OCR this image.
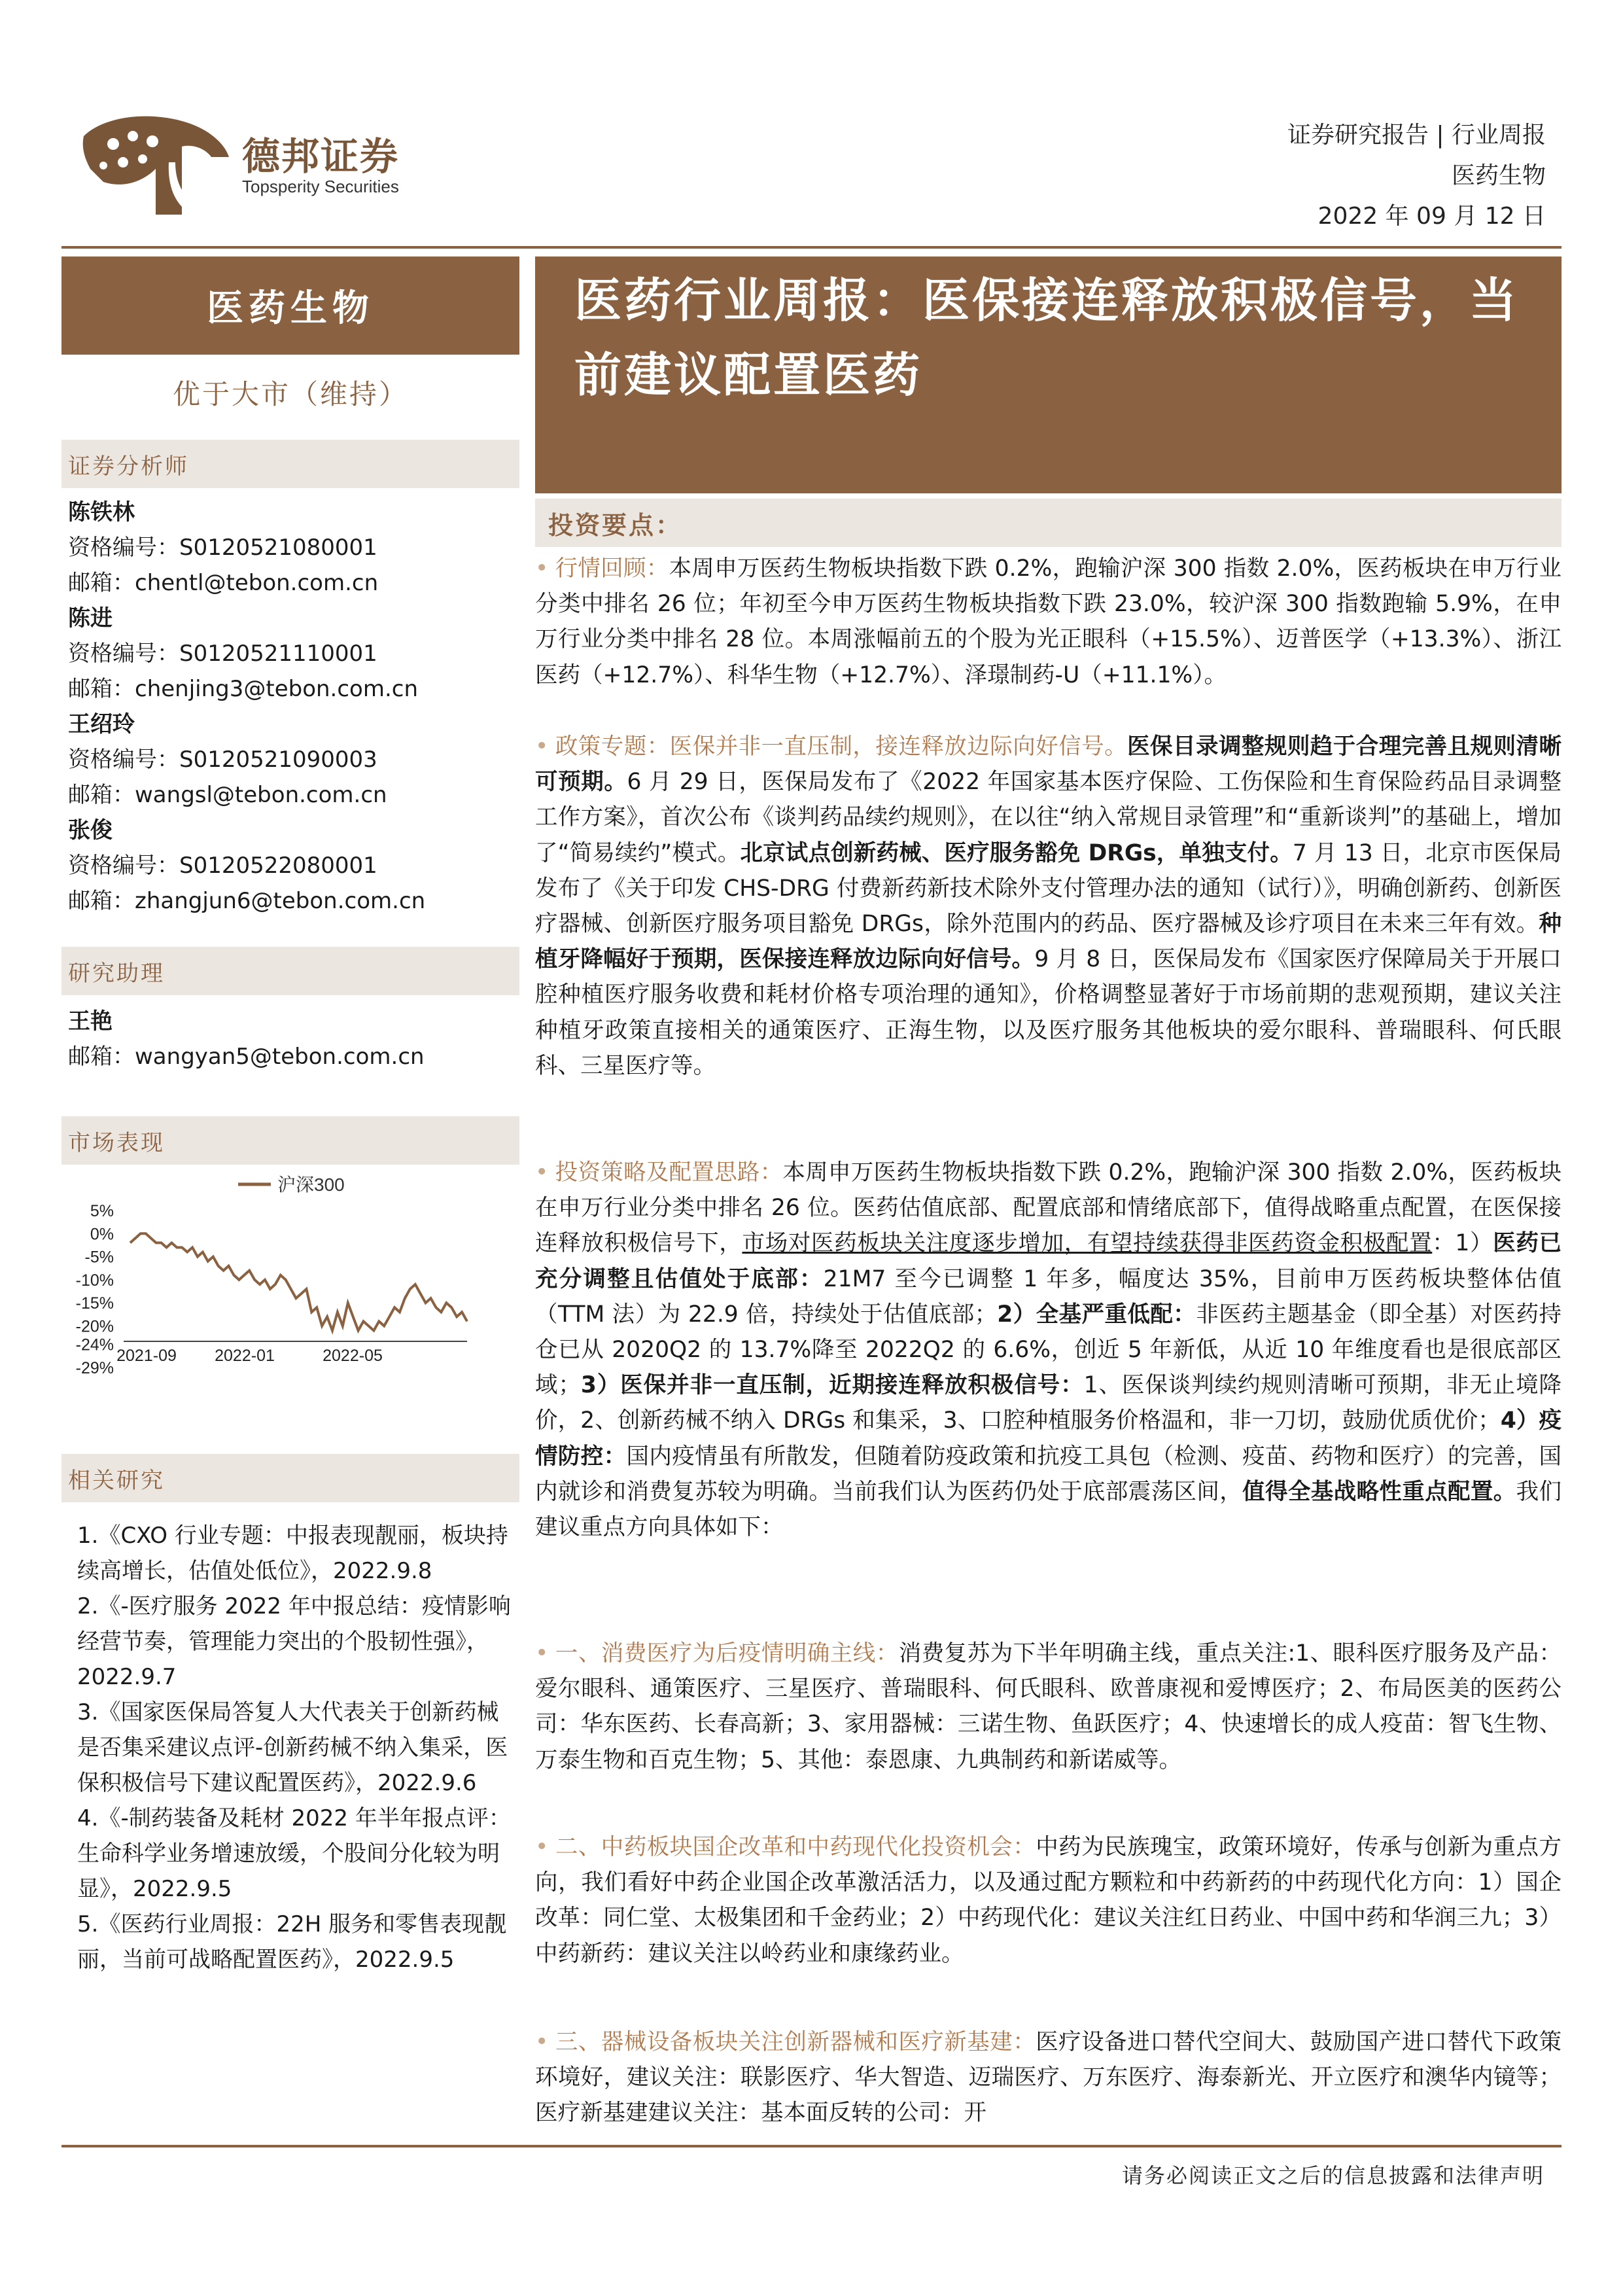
德邦证券
Topsperity Securities
证券研究报告 | 行业周报
医药生物
2022 年 09 月 12 日
医药生物
优于大市（维持）
证券分析师
陈铁林
资格编号：S0120521080001
邮箱：chentl@tebon.com.cn
陈进
资格编号：S0120521110001
邮箱：chenjing3@tebon.com.cn
王绍玲
资格编号：S0120521090003
邮箱：wangsl@tebon.com.cn
张俊
资格编号：S0120522080001
邮箱：zhangjun6@tebon.com.cn
研究助理
王艳
邮箱：wangyan5@tebon.com.cn
市场表现
5%
0%
-5%
-10%
-15%
-20%
-24%
-29%
2021-09 2022-01	2022-05
沪深300
相关研究
1.《CXO 行业专题：中报表现靓丽，板块持续高增长，估值处低位》，2022.9.8
2.《-医疗服务 2022 年中报总结：疫情影响经营节奏，管理能力突出的个股韧性强》，2022.9.7
3.《国家医保局答复人大代表关于创新药械是否集采建议点评-创新药械不纳入集采，医保积极信号下建议配置医药》，2022.9.6
4.《-制药装备及耗材 2022 年半年报点评：生命科学业务增速放缓，个股间分化较为明显》，2022.9.5
5.《医药行业周报：22H 服务和零售表现靓丽，当前可战略配置医药》，2022.9.5
医药行业周报：医保接连释放积极信号，当前建议配置医药
投资要点：
• 行情回顾：本周申万医药生物板块指数下跌 0.2%，跑输沪深 300 指数 2.0%，医药板块在申万行业分类中排名 26 位；年初至今申万医药生物板块指数下跌 23.0%，较沪深 300 指数跑输 5.9%，在申万行业分类中排名 28 位。本周涨幅前五的个股为光正眼科（+15.5%）、迈普医学（+13.3%）、浙江医药（+12.7%）、科华生物（+12.7%）、泽璟制药-U（+11.1%）。
• 政策专题：医保并非一直压制，接连释放边际向好信号。医保目录调整规则趋于合理完善且规则清晰可预期。6 月 29 日，医保局发布了《2022 年国家基本医疗保险、工伤保险和生育保险药品目录调整工作方案》，首次公布《谈判药品续约规则》，在以往“纳入常规目录管理”和“重新谈判”的基础上，增加了“简易续约”模式。北京试点创新药械、医疗服务豁免 DRGs，单独支付。7 月 13 日，北京市医保局发布了《关于印发 CHS-DRG 付费新药新技术除外支付管理办法的通知（试行）》，明确创新药、创新医疗器械、创新医疗服务项目豁免 DRGs，除外范围内的药品、医疗器械及诊疗项目在未来三年有效。种植牙降幅好于预期，医保接连释放边际向好信号。9 月 8 日，医保局发布《国家医疗保障局关于开展口腔种植医疗服务收费和耗材价格专项治理的通知》，价格调整显著好于市场前期的悲观预期，建议关注种植牙政策直接相关的通策医疗、正海生物，以及医疗服务其他板块的爱尔眼科、普瑞眼科、何氏眼科、三星医疗等。
• 投资策略及配置思路：本周申万医药生物板块指数下跌 0.2%，跑输沪深 300 指数 2.0%，医药板块在申万行业分类中排名 26 位。医药估值底部、配置底部和情绪底部下，值得战略重点配置，在医保接连释放积极信号下，市场对医药板块关注度逐步增加，有望持续获得非医药资金积极配置：1）医药已充分调整且估值处于底部：21M7 至今已调整 1 年多，幅度达 35%，目前申万医药板块整体估值（TTM 法）为 22.9 倍，持续处于估值底部；2）全基严重低配：非医药主题基金（即全基）对医药持仓已从 2020Q2 的 13.7%降至 2022Q2 的 6.6%，创近 5 年新低，从近 10 年维度看也是很底部区域；3）医保并非一直压制，近期接连释放积极信号：1、医保谈判续约规则清晰可预期，非无止境降价，2、创新药械不纳入 DRGs 和集采，3、口腔种植服务价格温和，非一刀切，鼓励优质优价；4）疫情防控：国内疫情虽有所散发，但随着防疫政策和抗疫工具包（检测、疫苗、药物和医疗）的完善，国内就诊和消费复苏较为明确。当前我们认为医药仍处于底部震荡区间，值得全基战略性重点配置。我们建议重点方向具体如下：
• 一、消费医疗为后疫情明确主线：消费复苏为下半年明确主线，重点关注:1、眼科医疗服务及产品：爱尔眼科、通策医疗、三星医疗、普瑞眼科、何氏眼科、欧普康视和爱博医疗；2、布局医美的医药公司：华东医药、长春高新；3、家用器械：三诺生物、鱼跃医疗；4、快速增长的成人疫苗：智飞生物、万泰生物和百克生物；5、其他：泰恩康、九典制药和新诺威等。
• 二、中药板块国企改革和中药现代化投资机会：中药为民族瑰宝，政策环境好，传承与创新为重点方向，我们看好中药企业国企改革激活活力，以及通过配方颗粒和中药新药的中药现代化方向：1）国企改革：同仁堂、太极集团和千金药业；2）中药现代化：建议关注红日药业、中国中药和华润三九；3）中药新药：建议关注以岭药业和康缘药业。
• 三、器械设备板块关注创新器械和医疗新基建：医疗设备进口替代空间大、鼓励国产进口替代下政策环境好，建议关注：联影医疗、华大智造、迈瑞医疗、万东医疗、海泰新光、开立医疗和澳华内镜等；医疗新基建建议关注：基本面反转的公司：开
请务必阅读正文之后的信息披露和法律声明
